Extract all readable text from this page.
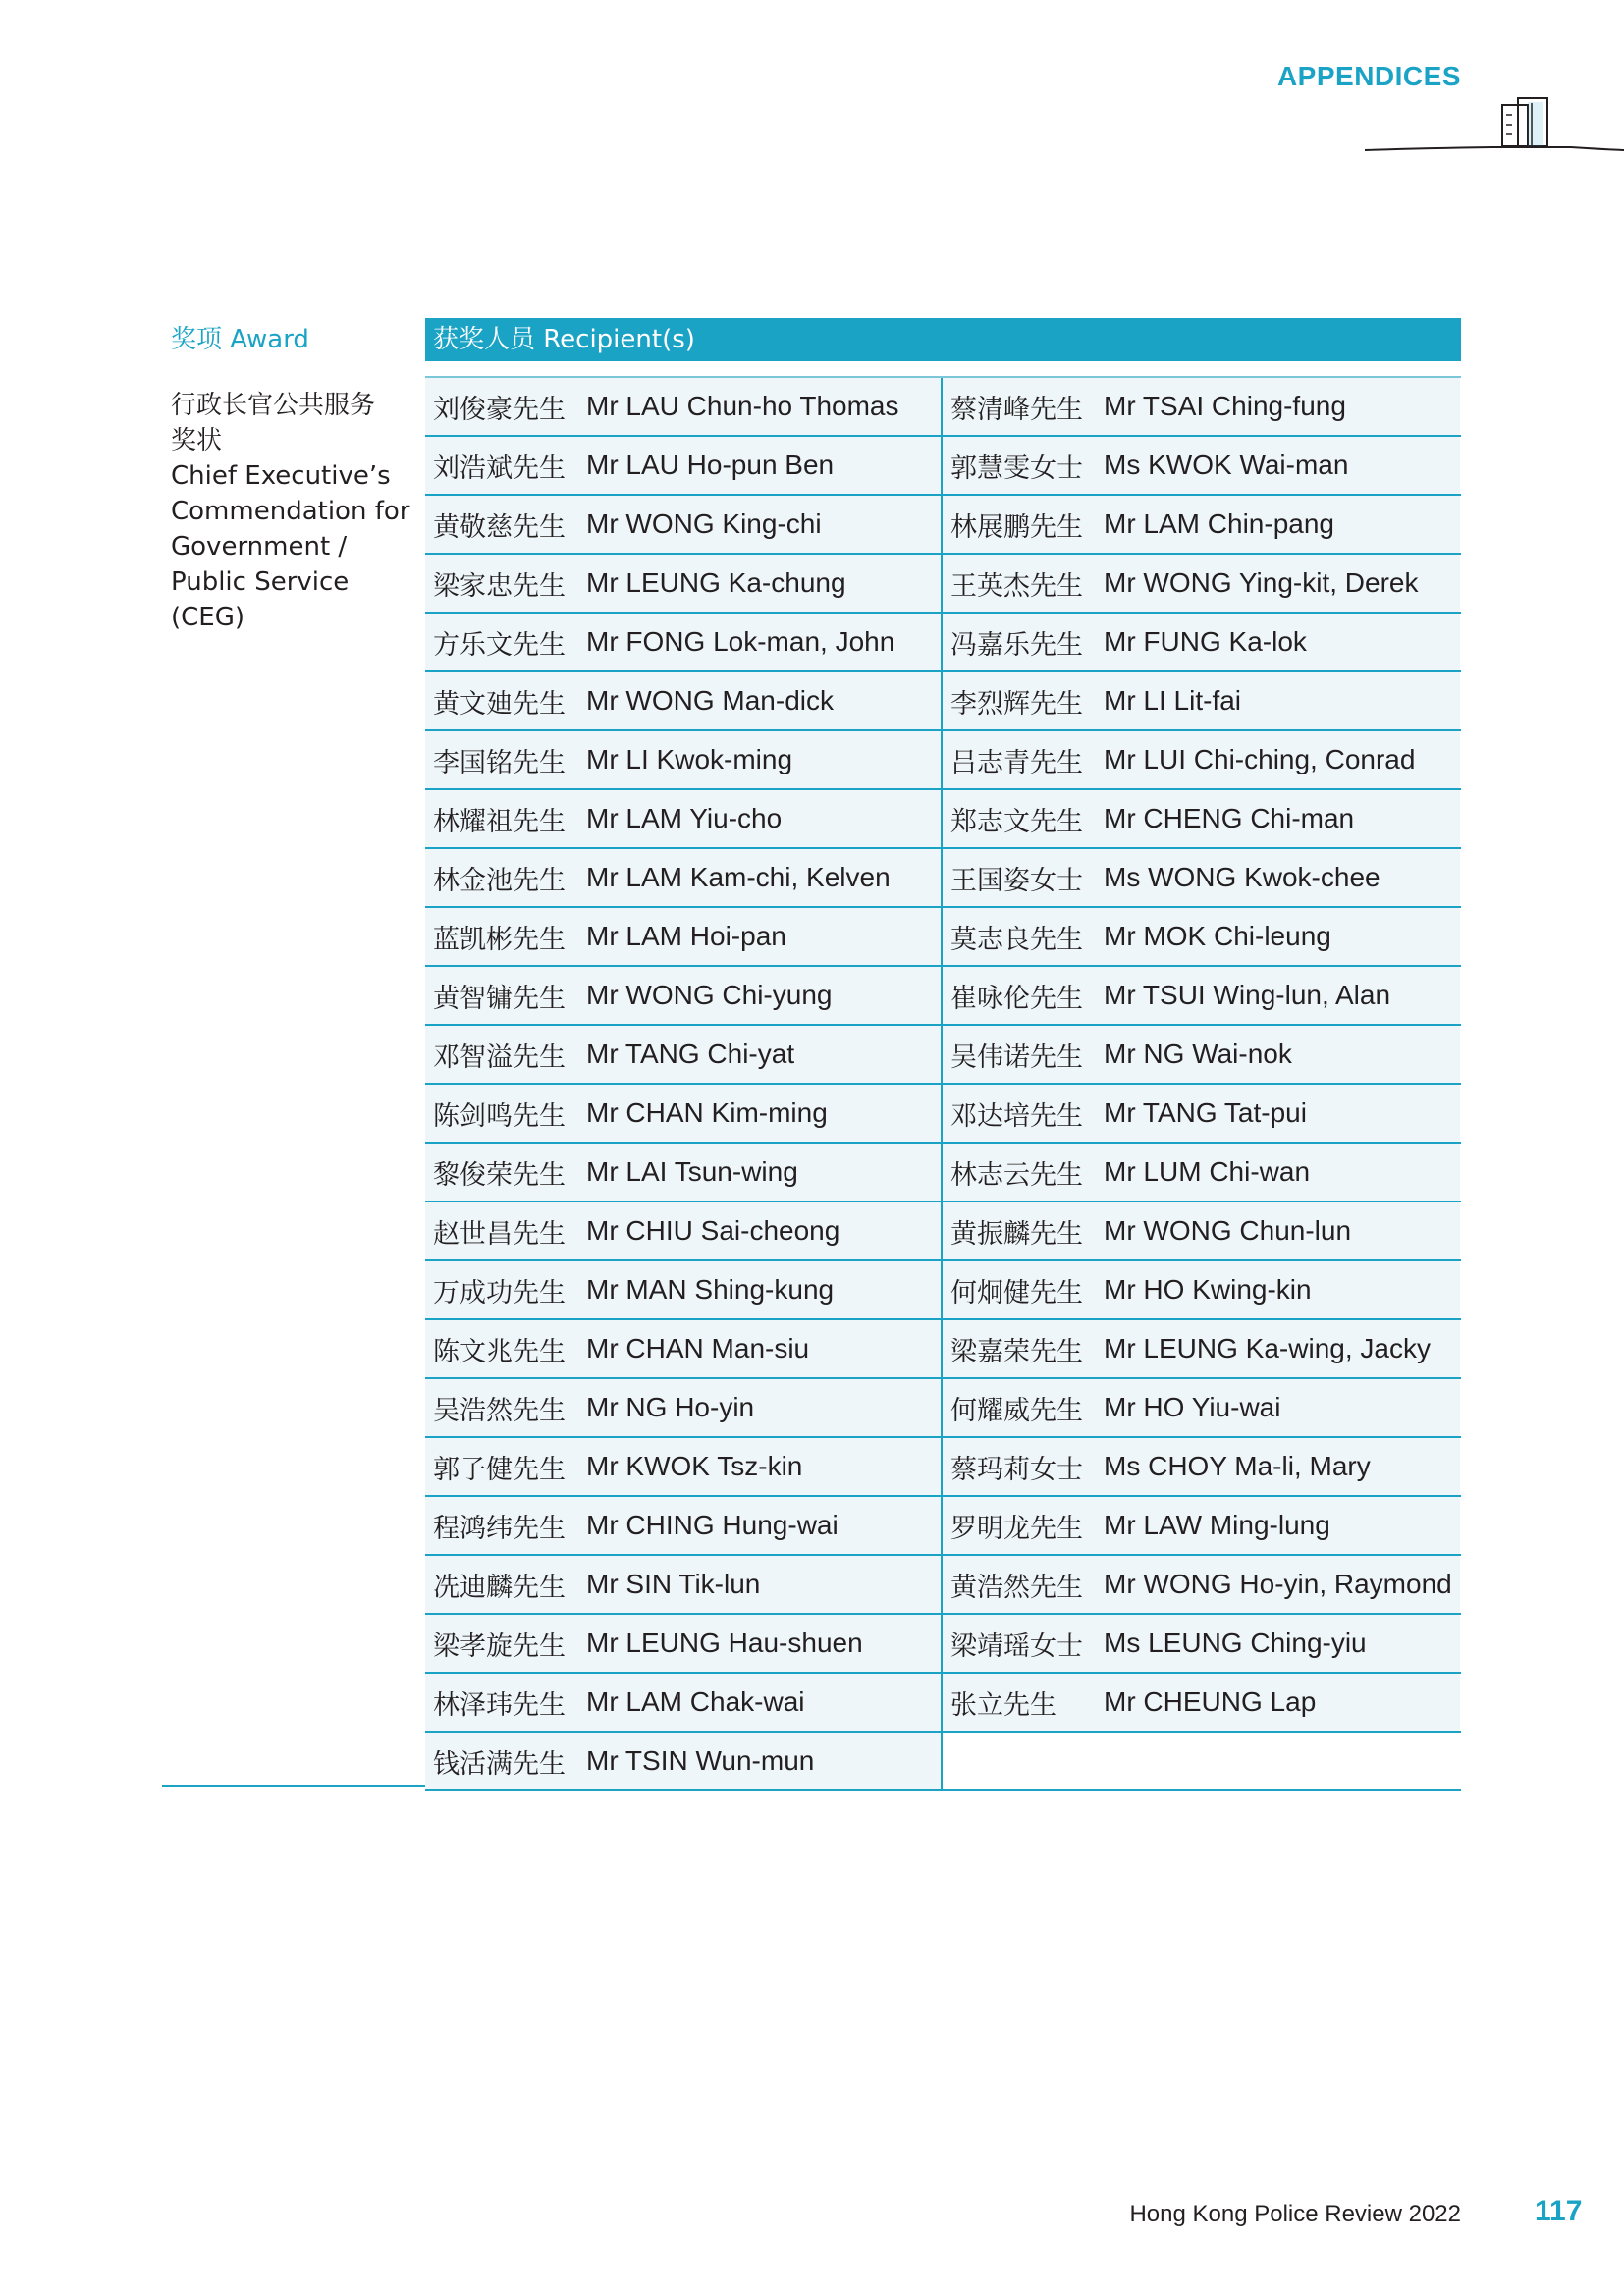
APPENDICES
奖项 Award	获奖人员 Recipient(s)
行政长官公共服务
奖状
Chief Executive’s
Commendation for
Government /
Public Service (CEG)
刘俊豪先生 Mr LAU Chun-ho Thomas 蔡清峰先生 Mr TSAI Ching-fung
刘浩斌先生 Mr LAU Ho-pun Ben	郭慧雯女士 Ms KWOK Wai-man
黄敬慈先生 Mr WONG King-chi	林展鹏先生 Mr LAM Chin-pang
梁家忠先生 Mr LEUNG Ka-chung	王英杰先生 Mr WONG Ying-kit, Derek
方乐文先生 Mr FONG Lok-man, John 冯嘉乐先生 Mr FUNG Ka-lok
黄文廸先生 Mr WONG Man-dick	李烈辉先生 Mr LI Lit-fai
李国铭先生 Mr LI Kwok-ming	吕志青先生 Mr LUI Chi-ching, Conrad
林耀祖先生 Mr LAM Yiu-cho	郑志文先生 Mr CHENG Chi-man
林金池先生 Mr LAM Kam-chi, Kelven 王国姿女士 Ms WONG Kwok-chee
蓝凯彬先生 Mr LAM Hoi-pan	莫志良先生 Mr MOK Chi-leung
黄智镛先生 Mr WONG Chi-yung	崔咏伦先生 Mr TSUI Wing-lun, Alan
邓智溢先生 Mr TANG Chi-yat	吴伟诺先生 Mr NG Wai-nok
陈剑鸣先生 Mr CHAN Kim-ming	邓达培先生 Mr TANG Tat-pui
黎俊荣先生 Mr LAI Tsun-wing	林志云先生 Mr LUM Chi-wan
赵世昌先生 Mr CHIU Sai-cheong	黄振麟先生 Mr WONG Chun-lun
万成功先生 Mr MAN Shing-kung	何炯健先生 Mr HO Kwing-kin
陈文兆先生 Mr CHAN Man-siu	梁嘉荣先生 Mr LEUNG Ka-wing, Jacky
吴浩然先生 Mr NG Ho-yin	何耀威先生 Mr HO Yiu-wai
郭子健先生 Mr KWOK Tsz-kin	蔡玛莉女士 Ms CHOY Ma-li, Mary
程鸿纬先生 Mr CHING Hung-wai	罗明龙先生 Mr LAW Ming-lung
冼迪麟先生 Mr SIN Tik-lun	黄浩然先生 Mr WONG Ho-yin, Raymond
梁孝旋先生 Mr LEUNG Hau-shuen	梁靖瑶女士 Ms LEUNG Ching-yiu
林泽玮先生 Mr LAM Chak-wai	张立先生	Mr CHEUNG Lap
钱活满先生 Mr TSIN Wun-mun
Hong Kong Police Review 2022	117
